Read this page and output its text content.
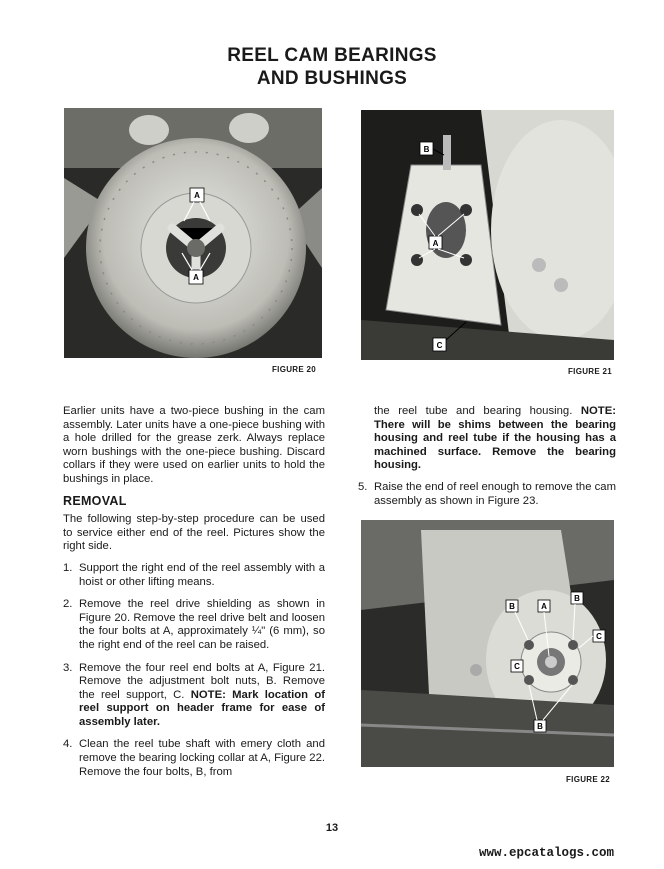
REEL CAM BEARINGS
AND BUSHINGS
A
A
FIGURE 20
B
A
C
FIGURE 21

Earlier units have a two-piece bushing in the cam assembly. Later units have a one-piece bushing with a hole drilled for the grease zerk. Always replace worn bushings with the one-piece bushing. Discard collars if they were used on earlier units to hold the bushings in place.

REMOVAL

The following step-by-step procedure can be used to service either end of the reel. Pictures show the right side.

1. Support the right end of the reel assembly with a hoist or other lifting means.
2. Remove the reel drive shielding as shown in Figure 20. Remove the reel drive belt and loosen the four bolts at A, approximately ¼" (6 mm), so the right end of the reel can be raised.
3. Remove the four reel end bolts at A, Figure 21. Remove the adjustment bolt nuts, B. Remove the reel support, C. NOTE: Mark location of reel support on header frame for ease of assembly later.
4. Clean the reel tube shaft with emery cloth and remove the bearing locking collar at A, Figure 22. Remove the four bolts, B, from

the reel tube and bearing housing. NOTE: There will be shims between the bearing housing and reel tube if the housing has a machined surface. Remove the bearing housing.

5. Raise the end of reel enough to remove the cam assembly as shown in Figure 23.
B	A
B
C
C
B
FIGURE 22
13
www.epcatalogs.com
